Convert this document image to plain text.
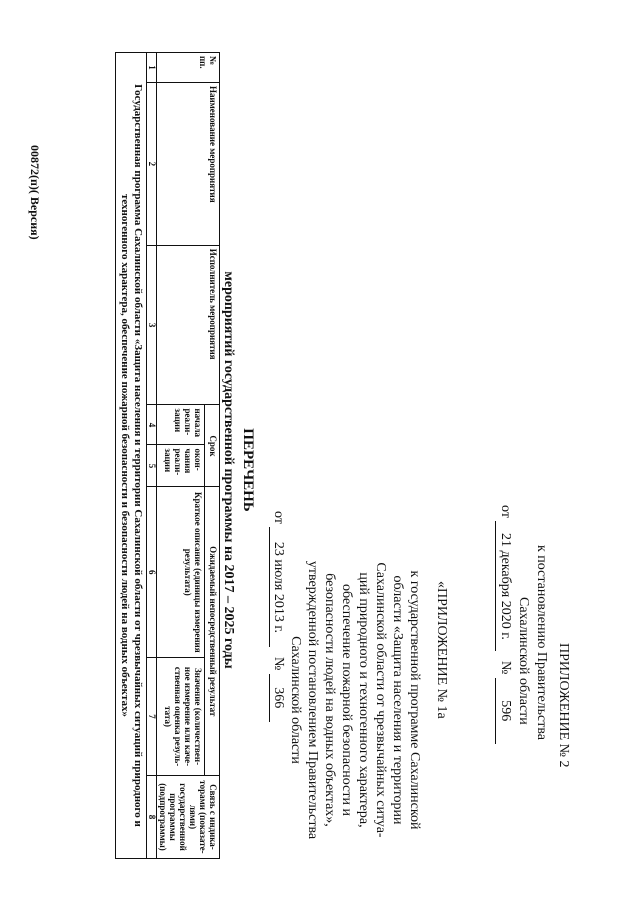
ПРИЛОЖЕНИЕ № 2
к постановлению Правительства
Сахалинской области
от 21 декабря 2020 г. № 596
«ПРИЛОЖЕНИЕ № 1а
к государственной программе Сахалинской
области «Защита населения и территории
Сахалинской области от чрезвычайных ситуа-
ций природного и техногенного характера,
обеспечение пожарной безопасности и
безопасности людей на водных объектах»,
утвержденной постановлением Правительства
Сахалинской области
от 23 июля 2013 г. № 366
ПЕРЕЧЕНЬ
мероприятий государственной программы на 2017 – 2025 годы
№ пп.	Наименование мероприятия	Исполнитель мероприятия	Срок		Ожидаемый непосредственный результат		Связь с индика- торами (показате- лями) государственной программы (подпрограммы)
			начала реали- зации	окон- чания реали- зации	Краткое описание (единицы измерения результата)	Значение (количествен- ное измерение или каче- ственная оценка резуль- тата)	
1	2	3	4	5	6	7	8
Государственная программа Сахалинской области «Защита населения и территории Сахалинской области от чрезвычайных ситуаций природного и техногенного характера, обеспечение пожарной безопасности и безопасности людей на водных объектах»							
00872(п)( Версия)
